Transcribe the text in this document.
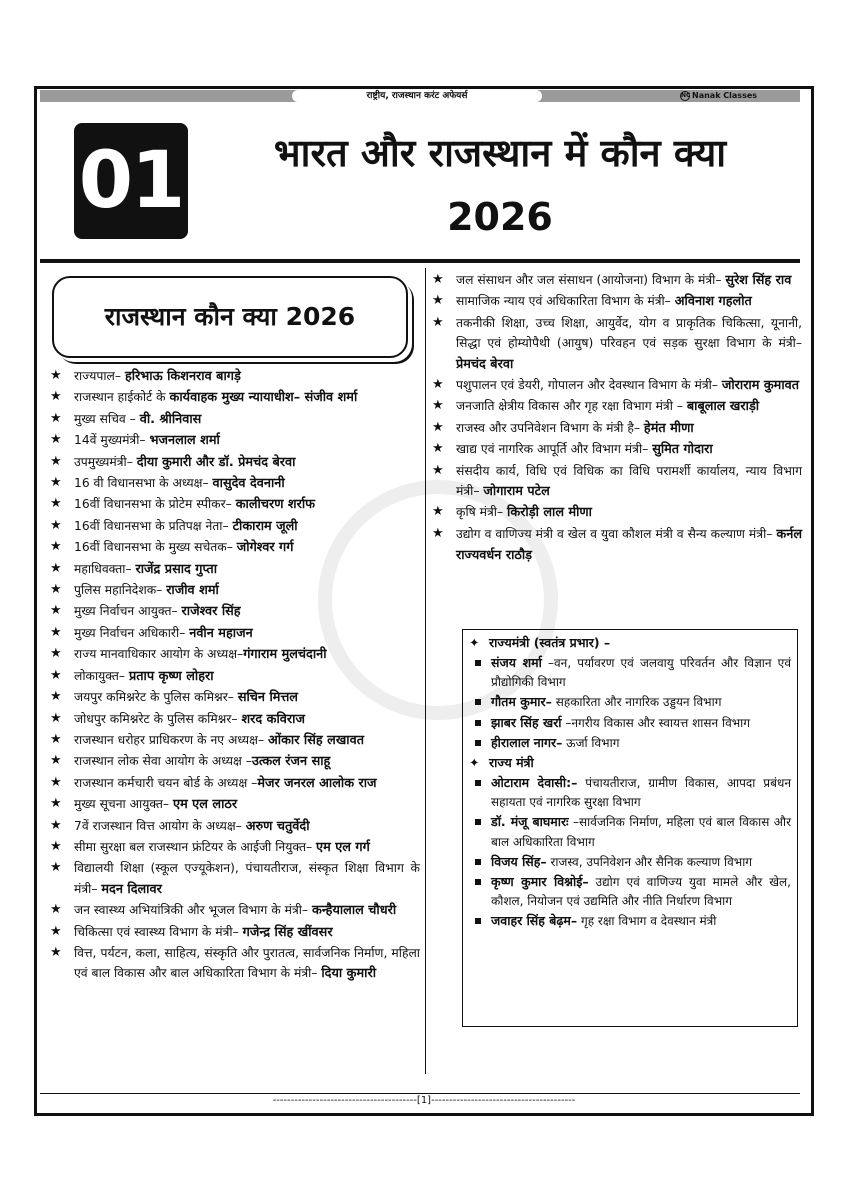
राष्ट्रीय, राजस्थान करंट अफेयर्स	NC Nanak Classes
01	भारत और राजस्थान में कौन क्या
2026
राजस्थान कौन क्या 2026
★	राज्यपाल– हरिभाऊ किशनराव बागड़े
★	राजस्थान हाईकोर्ट के कार्यवाहक मुख्य न्यायाधीश– संजीव शर्मा
★	मुख्य सचिव – वी. श्रीनिवास
★	14वें मुख्यमंत्री– भजनलाल शर्मा
★	उपमुख्यमंत्री– दीया कुमारी और डॉ. प्रेमचंद बेरवा
★	16 वी विधानसभा के अध्यक्ष– वासुदेव देवनानी
★	16वीं विधानसभा के प्रोटेम स्पीकर– कालीचरण शर्राफ
★	16वीं विधानसभा के प्रतिपक्ष नेता– टीकाराम जूली
★	16वीं विधानसभा के मुख्य सचेतक– जोगेश्वर गर्ग
★	महाधिवक्ता– राजेंद्र प्रसाद गुप्ता
★	पुलिस महानिदेशक– राजीव शर्मा
★	मुख्य निर्वाचन आयुक्त– राजेश्वर सिंह
★	मुख्य निर्वाचन अधिकारी– नवीन महाजन
★	राज्य मानवाधिकार आयोग के अध्यक्ष–गंगाराम मुलचंदानी
★	लोकायुक्त– प्रताप कृष्ण लोहरा
★	जयपुर कमिश्नरेट के पुलिस कमिश्नर– सचिन मित्तल
★	जोधपुर कमिश्नरेट के पुलिस कमिश्नर– शरद कविराज
★	राजस्थान धरोहर प्राधिकरण के नए अध्यक्ष– ओंकार सिंह लखावत
★	राजस्थान लोक सेवा आयोग के अध्यक्ष –उत्कल रंजन साहू
★	राजस्थान कर्मचारी चयन बोर्ड के अध्यक्ष –मेजर जनरल आलोक राज
★	मुख्य सूचना आयुक्त– एम एल लाठर
★	7वें राजस्थान वित्त आयोग के अध्यक्ष– अरुण चतुर्वेदी
★	सीमा सुरक्षा बल राजस्थान फ्रंटियर के आईजी नियुक्त– एम एल गर्ग
★	विद्यालयी शिक्षा (स्कूल एज्यूकेशन), पंचायतीराज, संस्कृत शिक्षा विभाग के मंत्री– मदन दिलावर
★	जन स्वास्थ्य अभियांत्रिकी और भूजल विभाग के मंत्री– कन्हैयालाल चौधरी
★	चिकित्सा एवं स्वास्थ्य विभाग के मंत्री– गजेन्द्र सिंह खींवसर
★	वित्त, पर्यटन, कला, साहित्य, संस्कृति और पुरातत्व, सार्वजनिक निर्माण, महिला एवं बाल विकास और बाल अधिकारिता विभाग के मंत्री– दिया कुमारी
★	जल संसाधन और जल संसाधन (आयोजना) विभाग के मंत्री– सुरेश सिंह राव
★	सामाजिक न्याय एवं अधिकारिता विभाग के मंत्री– अविनाश गहलोत
★	तकनीकी शिक्षा, उच्च शिक्षा, आयुर्वेद, योग व प्राकृतिक चिकित्सा, यूनानी, सिद्धा एवं होम्योपैथी (आयुष) परिवहन एवं सड़क सुरक्षा विभाग के मंत्री– प्रेमचंद बेरवा
★	पशुपालन एवं डेयरी, गोपालन और देवस्थान विभाग के मंत्री– जोराराम कुमावत
★	जनजाति क्षेत्रीय विकास और गृह रक्षा विभाग मंत्री – बाबूलाल खराड़ी
★	राजस्व और उपनिवेशन विभाग के मंत्री है– हेमंत मीणा
★	खाद्य एवं नागरिक आपूर्ति और विभाग मंत्री– सुमित गोदारा
★	संसदीय कार्य, विधि एवं विधिक का विधि परामर्शी कार्यालय, न्याय विभाग मंत्री– जोगाराम पटेल
★	कृषि मंत्री– किरोड़ी लाल मीणा
★	उद्योग व वाणिज्य मंत्री व खेल व युवा कौशल मंत्री व सैन्य कल्याण मंत्री– कर्नल राज्यवर्धन राठौड़
✦ राज्यमंत्री (स्वतंत्र प्रभार) –
संजय शर्मा –वन, पर्यावरण एवं जलवायु परिवर्तन और विज्ञान एवं प्रौद्योगिकी विभाग
गौतम कुमार– सहकारिता और नागरिक उड्डयन विभाग
झाबर सिंह खर्रा –नगरीय विकास और स्वायत्त शासन विभाग
हीरालाल नागर– ऊर्जा विभाग
✦ राज्य मंत्री
ओटाराम देवासी:– पंचायतीराज, ग्रामीण विकास, आपदा प्रबंधन सहायता एवं नागरिक सुरक्षा विभाग
डॉ. मंजू बाघमारः –सार्वजनिक निर्माण, महिला एवं बाल विकास और बाल अधिकारिता विभाग
विजय सिंह– राजस्व, उपनिवेशन और सैनिक कल्याण विभाग
कृष्ण कुमार विश्नोई– उद्योग एवं वाणिज्य युवा मामले और खेल, कौशल, नियोजन एवं उद्यमिति और नीति निर्धारण विभाग
जवाहर सिंह बेढ़म– गृह रक्षा विभाग व देवस्थान मंत्री
----------------------------------------[1]----------------------------------------
